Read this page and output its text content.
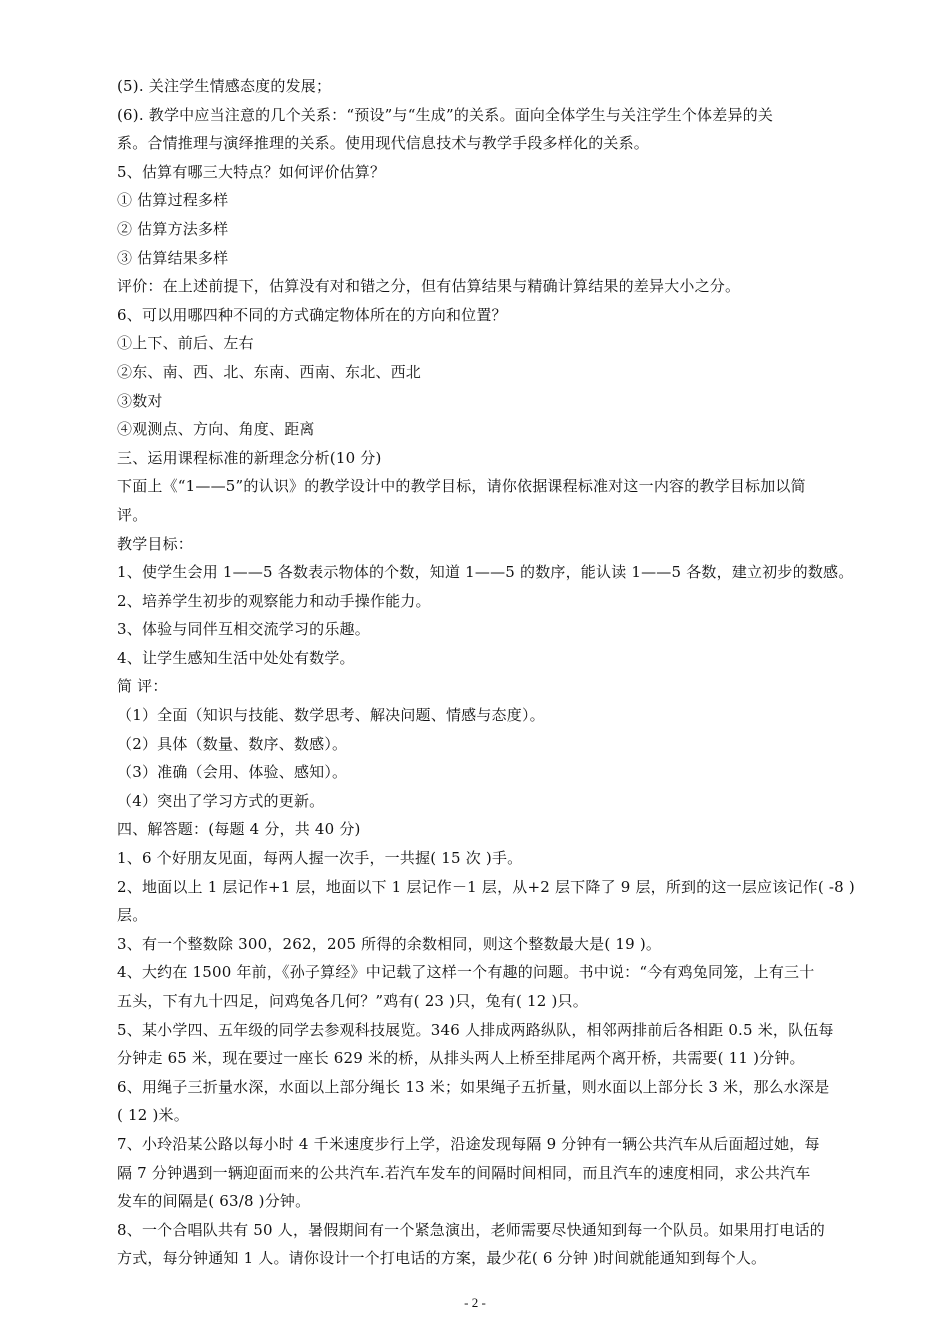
(5). 关注学生情感态度的发展；
(6). 教学中应当注意的几个关系：“预设”与“生成”的关系。面向全体学生与关注学生个体差异的关
系。合情推理与演绎推理的关系。使用现代信息技术与教学手段多样化的关系。
5、估算有哪三大特点？如何评价估算？
① 估算过程多样
② 估算方法多样
③ 估算结果多样
评价：在上述前提下，估算没有对和错之分，但有估算结果与精确计算结果的差异大小之分。
6、可以用哪四种不同的方式确定物体所在的方向和位置？
①上下、前后、左右
②东、南、西、北、东南、西南、东北、西北
③数对
④观测点、方向、角度、距离
三、运用课程标准的新理念分析(10 分)
下面上《“1——5”的认识》的教学设计中的教学目标，请你依据课程标准对这一内容的教学目标加以简
评。
教学目标：
1、使学生会用 1——5 各数表示物体的个数，知道 1——5 的数序，能认读 1——5 各数，建立初步的数感。
2、培养学生初步的观察能力和动手操作能力。
3、体验与同伴互相交流学习的乐趣。
4、让学生感知生活中处处有数学。
简 评：
（1）全面（知识与技能、数学思考、解决问题、情感与态度）。
（2）具体（数量、数序、数感）。
（3）准确（会用、体验、感知）。
（4）突出了学习方式的更新。
四、解答题：(每题 4 分，共 40 分)
1、6 个好朋友见面，每两人握一次手，一共握( 15 次 )手。
2、地面以上 1 层记作+1 层，地面以下 1 层记作－1 层，从+2 层下降了 9 层，所到的这一层应该记作( -8 )
层。
3、有一个整数除 300，262，205 所得的余数相同，则这个整数最大是( 19 )。
4、大约在 1500 年前，《孙子算经》中记载了这样一个有趣的问题。书中说：“今有鸡兔同笼，上有三十
五头，下有九十四足，问鸡兔各几何？”鸡有( 23 )只，兔有( 12 )只。
5、某小学四、五年级的同学去参观科技展览。346 人排成两路纵队，相邻两排前后各相距 0.5 米，队伍每
分钟走 65 米，现在要过一座长 629 米的桥，从排头两人上桥至排尾两个离开桥，共需要( 11 )分钟。
6、用绳子三折量水深，水面以上部分绳长 13 米；如果绳子五折量，则水面以上部分长 3 米，那么水深是
( 12 )米。
7、小玲沿某公路以每小时 4 千米速度步行上学，沿途发现每隔 9 分钟有一辆公共汽车从后面超过她，每
隔 7 分钟遇到一辆迎面而来的公共汽车.若汽车发车的间隔时间相同，而且汽车的速度相同，求公共汽车
发车的间隔是( 63/8 )分钟。
8、一个合唱队共有 50 人，暑假期间有一个紧急演出，老师需要尽快通知到每一个队员。如果用打电话的
方式，每分钟通知 1 人。请你设计一个打电话的方案，最少花( 6 分钟 )时间就能通知到每个人。
- 2 -
